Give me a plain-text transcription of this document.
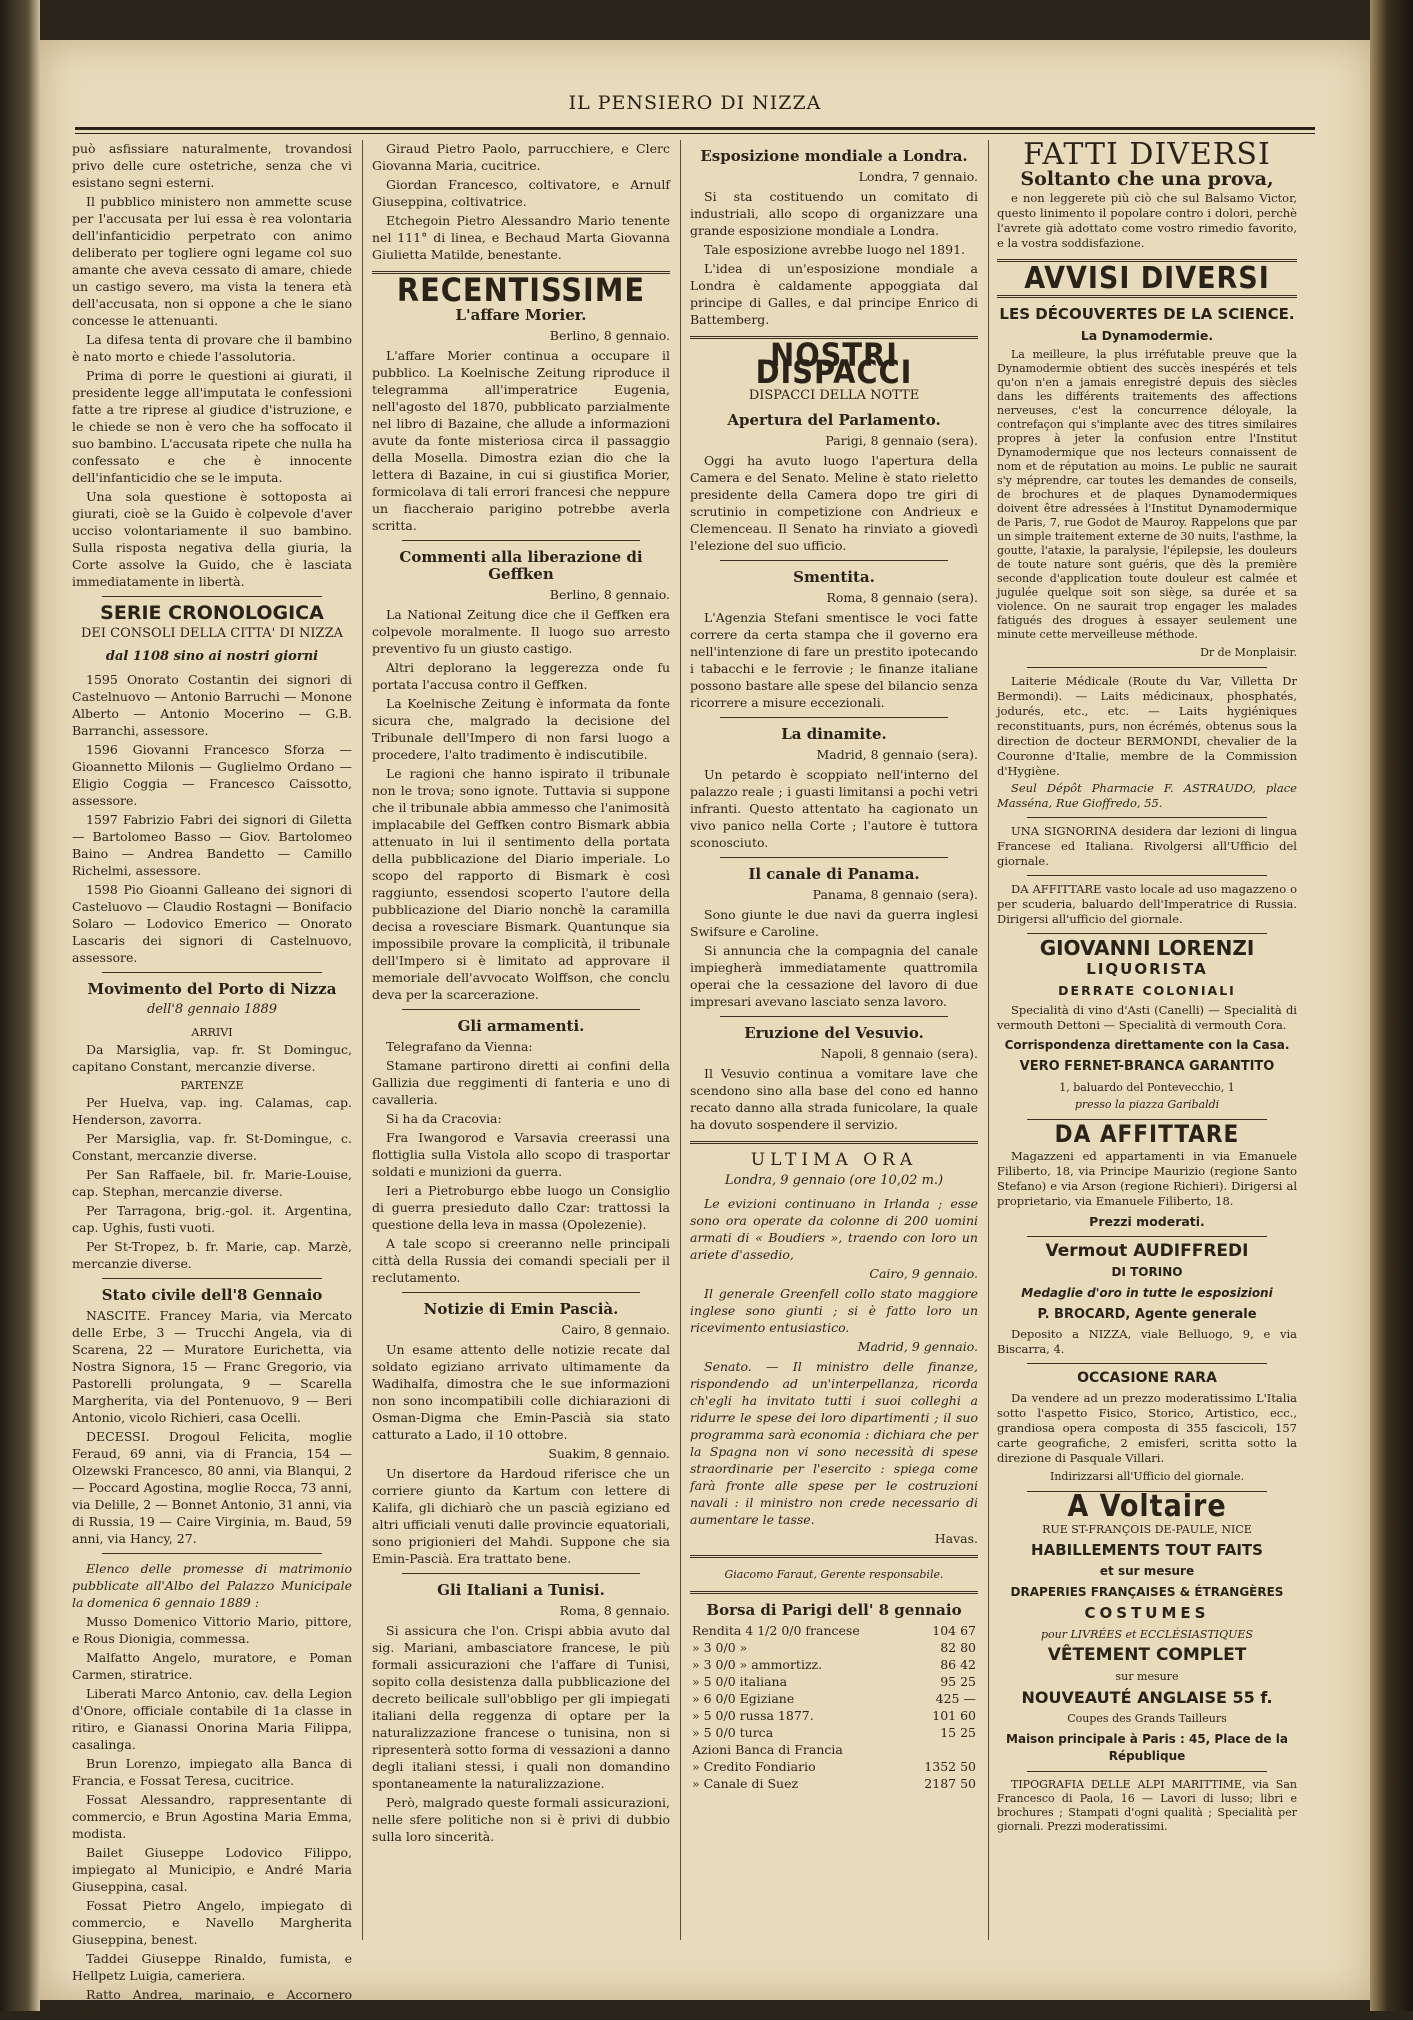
IL PENSIERO DI NIZZA

può asfissiare naturalmente, trovandosi privo delle cure ostetriche, senza che vi esistano segni esterni.

Il pubblico ministero non ammette scuse per l'accusata per lui essa è rea volontaria dell'infanticidio perpetrato con animo deliberato per togliere ogni legame col suo amante che aveva cessato di amare, chiede un castigo severo, ma vista la tenera età dell'accusata, non si oppone a che le siano concesse le attenuanti.

La difesa tenta di provare che il bambino è nato morto e chiede l'assolutoria.

Prima di porre le questioni ai giurati, il presidente legge all'imputata le confessioni fatte a tre riprese al giudice d'istruzione, e le chiede se non è vero che ha soffocato il suo bambino. L'accusata ripete che nulla ha confessato e che è innocente dell'infanticidio che se le imputa.

Una sola questione è sottoposta ai giurati, cioè se la Guido è colpevole d'aver ucciso volontariamente il suo bambino. Sulla risposta negativa della giuria, la Corte assolve la Guido, che è lasciata immediatamente in libertà.

SERIE CRONOLOGICA
DEI CONSOLI DELLA CITTA' DI NIZZA
dal 1108 sino ai nostri giorni

1595 Onorato Costantin dei signori di Castelnuovo — Antonio Barruchi — Monone Alberto — Antonio Mocerino — G.B. Barranchi, assessore.

1596 Giovanni Francesco Sforza — Gioannetto Milonis — Guglielmo Ordano — Eligio Coggia — Francesco Caissotto, assessore.

1597 Fabrizio Fabri dei signori di Giletta — Bartolomeo Basso — Giov. Bartolomeo Baino — Andrea Bandetto — Camillo Richelmi, assessore.

1598 Pio Gioanni Galleano dei signori di Casteluovo — Claudio Rostagni — Bonifacio Solaro — Lodovico Emerico — Onorato Lascaris dei signori di Castelnuovo, assessore.

Movimento del Porto di Nizza
dell'8 gennaio 1889
ARRIVI

Da Marsiglia, vap. fr. St Dominguc, capitano Constant, mercanzie diverse.

PARTENZE

Per Huelva, vap. ing. Calamas, cap. Henderson, zavorra.

Per Marsiglia, vap. fr. St-Domingue, c. Constant, mercanzie diverse.

Per San Raffaele, bil. fr. Marie-Louise, cap. Stephan, mercanzie diverse.

Per Tarragona, brig.-gol. it. Argentina, cap. Ughis, fusti vuoti.

Per St-Tropez, b. fr. Marie, cap. Marzè, mercanzie diverse.

Stato civile dell'8 Gennaio

NASCITE. Francey Maria, via Mercato delle Erbe, 3 — Trucchi Angela, via di Scarena, 22 — Muratore Eurichetta, via Nostra Signora, 15 — Franc Gregorio, via Pastorelli prolungata, 9 — Scarella Margherita, via del Pontenuovo, 9 — Beri Antonio, vicolo Richieri, casa Ocelli.

DECESSI. Drogoul Felicita, moglie Feraud, 69 anni, via di Francia, 154 — Olzewski Francesco, 80 anni, via Blanqui, 2 — Poccard Agostina, moglie Rocca, 73 anni, via Delille, 2 — Bonnet Antonio, 31 anni, via di Russia, 19 — Caire Virginia, m. Baud, 59 anni, via Hancy, 27.

Elenco delle promesse di matrimonio pubblicate all'Albo del Palazzo Municipale la domenica 6 gennaio 1889 :

Musso Domenico Vittorio Mario, pittore, e Rous Dionigia, commessa.

Malfatto Angelo, muratore, e Poman Carmen, stiratrice.

Liberati Marco Antonio, cav. della Legion d'Onore, officiale contabile di 1a classe in ritiro, e Gianassi Onorina Maria Filippa, casalinga.

Brun Lorenzo, impiegato alla Banca di Francia, e Fossat Teresa, cucitrice.

Fossat Alessandro, rappresentante di commercio, e Brun Agostina Maria Emma, modista.

Bailet Giuseppe Lodovico Filippo, impiegato al Municipio, e André Maria Giuseppina, casal.

Fossat Pietro Angelo, impiegato di commercio, e Navello Margherita Giuseppina, benest.

Taddei Giuseppe Rinaldo, fumista, e Hellpetz Luigia, cameriera.

Ratto Andrea, marinaio, e Accornero Maria Teresa, serva.

Giraud Pietro Paolo, parrucchiere, e Clerc Giovanna Maria, cucitrice.

Giordan Francesco, coltivatore, e Arnulf Giuseppina, coltivatrice.

Etchegoin Pietro Alessandro Mario tenente nel 111° di linea, e Bechaud Marta Giovanna Giulietta Matilde, benestante.

RECENTISSIME
L'affare Morier.
Berlino, 8 gennaio.

L'affare Morier continua a occupare il pubblico. La Koelnische Zeitung riproduce il telegramma all'imperatrice Eugenia, nell'agosto del 1870, pubblicato parzialmente nel libro di Bazaine, che allude a informazioni avute da fonte misteriosa circa il passaggio della Mosella. Dimostra ezian dio che la lettera di Bazaine, in cui si giustifica Morier, formicolava di tali errori francesi che neppure un fiaccheraio parigino potrebbe averla scritta.

Commenti alla liberazione di Geffken
Berlino, 8 gennaio.

La National Zeitung dice che il Geffken era colpevole moralmente. Il luogo suo arresto preventivo fu un giusto castigo.

Altri deplorano la leggerezza onde fu portata l'accusa contro il Geffken.

La Koelnische Zeitung è informata da fonte sicura che, malgrado la decisione del Tribunale dell'Impero di non farsi luogo a procedere, l'alto tradimento è indiscutibile.

Le ragioni che hanno ispirato il tribunale non le trova; sono ignote. Tuttavia si suppone che il tribunale abbia ammesso che l'animosità implacabile del Geffken contro Bismark abbia attenuato in lui il sentimento della portata della pubblicazione del Diario imperiale. Lo scopo del rapporto di Bismark è così raggiunto, essendosi scoperto l'autore della pubblicazione del Diario nonchè la caramilla decisa a rovesciare Bismark. Quantunque sia impossibile provare la complicità, il tribunale dell'Impero si è limitato ad approvare il memoriale dell'avvocato Wolffson, che conclu deva per la scarcerazione.

Gli armamenti.

Telegrafano da Vienna:

Stamane partirono diretti ai confini della Gallizia due reggimenti di fanteria e uno di cavalleria.

Si ha da Cracovia:

Fra Iwangorod e Varsavia creerassi una flottiglia sulla Vistola allo scopo di trasportar soldati e munizioni da guerra.

Ieri a Pietroburgo ebbe luogo un Consiglio di guerra presieduto dallo Czar: trattossi la questione della leva in massa (Opolezenie).

A tale scopo si creeranno nelle principali città della Russia dei comandi speciali per il reclutamento.

Notizie di Emin Pascià.
Cairo, 8 gennaio.

Un esame attento delle notizie recate dal soldato egiziano arrivato ultimamente da Wadihalfa, dimostra che le sue informazioni non sono incompatibili colle dichiarazioni di Osman-Digma che Emin-Pascià sia stato catturato a Lado, il 10 ottobre.

Suakim, 8 gennaio.

Un disertore da Hardoud riferisce che un corriere giunto da Kartum con lettere di Kalifa, gli dichiarò che un pascià egiziano ed altri ufficiali venuti dalle provincie equatoriali, sono prigionieri del Mahdi. Suppone che sia Emin-Pascià. Era trattato bene.

Gli Italiani a Tunisi.
Roma, 8 gennaio.

Si assicura che l'on. Crispi abbia avuto dal sig. Mariani, ambasciatore francese, le più formali assicurazioni che l'affare di Tunisi, sopito colla desistenza dalla pubblicazione del decreto beilicale sull'obbligo per gli impiegati italiani della reggenza di optare per la naturalizzazione francese o tunisina, non si ripresenterà sotto forma di vessazioni a danno degli italiani stessi, i quali non domandino spontaneamente la naturalizzazione.

Però, malgrado queste formali assicurazioni, nelle sfere politiche non si è privi di dubbio sulla loro sincerità.

Esposizione mondiale a Londra.
Londra, 7 gennaio.

Si sta costituendo un comitato di industriali, allo scopo di organizzare una grande esposizione mondiale a Londra.

Tale esposizione avrebbe luogo nel 1891.

L'idea di un'esposizione mondiale a Londra è caldamente appoggiata dal principe di Galles, e dal principe Enrico di Battemberg.

NOSTRI DISPACCI
DISPACCI DELLA NOTTE
Apertura del Parlamento.
Parigi, 8 gennaio (sera).

Oggi ha avuto luogo l'apertura della Camera e del Senato. Meline è stato rieletto presidente della Camera dopo tre giri di scrutinio in competizione con Andrieux e Clemenceau. Il Senato ha rinviato a giovedì l'elezione del suo ufficio.

Smentita.
Roma, 8 gennaio (sera).

L'Agenzia Stefani smentisce le voci fatte correre da certa stampa che il governo era nell'intenzione di fare un prestito ipotecando i tabacchi e le ferrovie ; le finanze italiane possono bastare alle spese del bilancio senza ricorrere a misure eccezionali.

La dinamite.
Madrid, 8 gennaio (sera).

Un petardo è scoppiato nell'interno del palazzo reale ; i guasti limitansi a pochi vetri infranti. Questo attentato ha cagionato un vivo panico nella Corte ; l'autore è tuttora sconosciuto.

Il canale di Panama.
Panama, 8 gennaio (sera).

Sono giunte le due navi da guerra inglesi Swifsure e Caroline.

Si annuncia che la compagnia del canale impiegherà immediatamente quattromila operai che la cessazione del lavoro di due impresari avevano lasciato senza lavoro.

Eruzione del Vesuvio.
Napoli, 8 gennaio (sera).

Il Vesuvio continua a vomitare lave che scendono sino alla base del cono ed hanno recato danno alla strada funicolare, la quale ha dovuto sospendere il servizio.

ULTIMA ORA
Londra, 9 gennaio (ore 10,02 m.)

Le evizioni continuano in Irlanda ; esse sono ora operate da colonne di 200 uomini armati di « Boudiers », traendo con loro un ariete d'assedio,

Cairo, 9 gennaio.

Il generale Greenfell collo stato maggiore inglese sono giunti ; si è fatto loro un ricevimento entusiastico.

Madrid, 9 gennaio.

Senato. — Il ministro delle finanze, rispondendo ad un'interpellanza, ricorda ch'egli ha invitato tutti i suoi colleghi a ridurre le spese dei loro dipartimenti ; il suo programma sarà economia : dichiara che per la Spagna non vi sono necessità di spese straordinarie per l'esercito : spiega come farà fronte alle spese per le costruzioni navali : il ministro non crede necessario di aumentare le tasse.

Havas.
Giacomo Faraut, Gerente responsabile.
Borsa di Parigi dell' 8 gennaio
Rendita 4 1/2 0/0 francese	104 67
» 3 0/0 »	82 80
» 3 0/0 » ammortizz.	86 42
» 5 0/0 italiana	95 25
» 6 0/0 Egiziane	425 —
» 5 0/0 russa 1877.	101 60
» 5 0/0 turca	15 25
Azioni Banca di Francia	
» Credito Fondiario	1352 50
» Canale di Suez	2187 50
FATTI DIVERSI
Soltanto che una prova,

e non leggerete più ciò che sul Balsamo Victor, questo linimento il popolare contro i dolori, perchè l'avrete già adottato come vostro rimedio favorito, e la vostra soddisfazione.

AVVISI DIVERSI
LES DÉCOUVERTES DE LA SCIENCE.
La Dynamodermie.

La meilleure, la plus irréfutable preuve que la Dynamodermie obtient des succès inespérés et tels qu'on n'en a jamais enregistré depuis des siècles dans les différents traitements des affections nerveuses, c'est la concurrence déloyale, la contrefaçon qui s'implante avec des titres similaires propres à jeter la confusion entre l'Institut Dynamodermique que nos lecteurs connaissent de nom et de réputation au moins. Le public ne saurait s'y méprendre, car toutes les demandes de conseils, de brochures et de plaques Dynamodermiques doivent être adressées à l'Institut Dynamodermique de Paris, 7, rue Godot de Mauroy. Rappelons que par un simple traitement externe de 30 nuits, l'asthme, la goutte, l'ataxie, la paralysie, l'épilepsie, les douleurs de toute nature sont guéris, que dès la première seconde d'application toute douleur est calmée et jugulée quelque soit son siège, sa durée et sa violence. On ne saurait trop engager les malades fatigués des drogues à essayer seulement une minute cette merveilleuse méthode.

Dr de Monplaisir.

Laiterie Médicale (Route du Var, Villetta Dr Bermondi). — Laits médicinaux, phosphatés, jodurés, etc., etc. — Laits hygiéniques reconstituants, purs, non écrémés, obtenus sous la direction de docteur BERMONDI, chevalier de la Couronne d'Italie, membre de la Commission d'Hygiène.

Seul Dépôt Pharmacie F. ASTRAUDO, place Masséna, Rue Gioffredo, 55.

UNA SIGNORINA desidera dar lezioni di lingua Francese ed Italiana. Rivolgersi all'Ufficio del giornale.

DA AFFITTARE vasto locale ad uso magazzeno o per scuderia, baluardo dell'Imperatrice di Russia. Dirigersi all'ufficio del giornale.

GIOVANNI LORENZI
LIQUORISTA
DERRATE COLONIALI

Specialità di vino d'Asti (Canelli) — Specialità di vermouth Dettoni — Specialità di vermouth Cora.

Corrispondenza direttamente con la Casa.
VERO FERNET-BRANCA GARANTITO
1, baluardo del Pontevecchio, 1
presso la piazza Garibaldi
DA AFFITTARE

Magazzeni ed appartamenti in via Emanuele Filiberto, 18, via Principe Maurizio (regione Santo Stefano) e via Arson (regione Richieri). Dirigersi al proprietario, via Emanuele Filiberto, 18.

Prezzi moderati.
Vermout AUDIFFREDI
DI TORINO
Medaglie d'oro in tutte le esposizioni
P. BROCARD, Agente generale

Deposito a NIZZA, viale Belluogo, 9, e via Biscarra, 4.

OCCASIONE RARA

Da vendere ad un prezzo moderatissimo L'Italia sotto l'aspetto Fisico, Storico, Artistico, ecc., grandiosa opera composta di 355 fascicoli, 157 carte geografiche, 2 emisferi, scritta sotto la direzione di Pasquale Villari.

Indirizzarsi all'Ufficio del giornale.
A Voltaire
RUE ST-FRANÇOIS DE-PAULE, NICE
HABILLEMENTS TOUT FAITS
et sur mesure
DRAPERIES FRANÇAISES & ÉTRANGÈRES
COSTUMES
pour LIVRÉES et ECCLÉSIASTIQUES
VÊTEMENT COMPLET
sur mesure
NOUVEAUTÉ ANGLAISE 55 f.
Coupes des Grands Tailleurs
Maison principale à Paris : 45, Place de la République

TIPOGRAFIA DELLE ALPI MARITTIME, via San Francesco di Paola, 16 — Lavori di lusso; libri e brochures ; Stampati d'ogni qualità ; Specialità per giornali. Prezzi moderatissimi.
